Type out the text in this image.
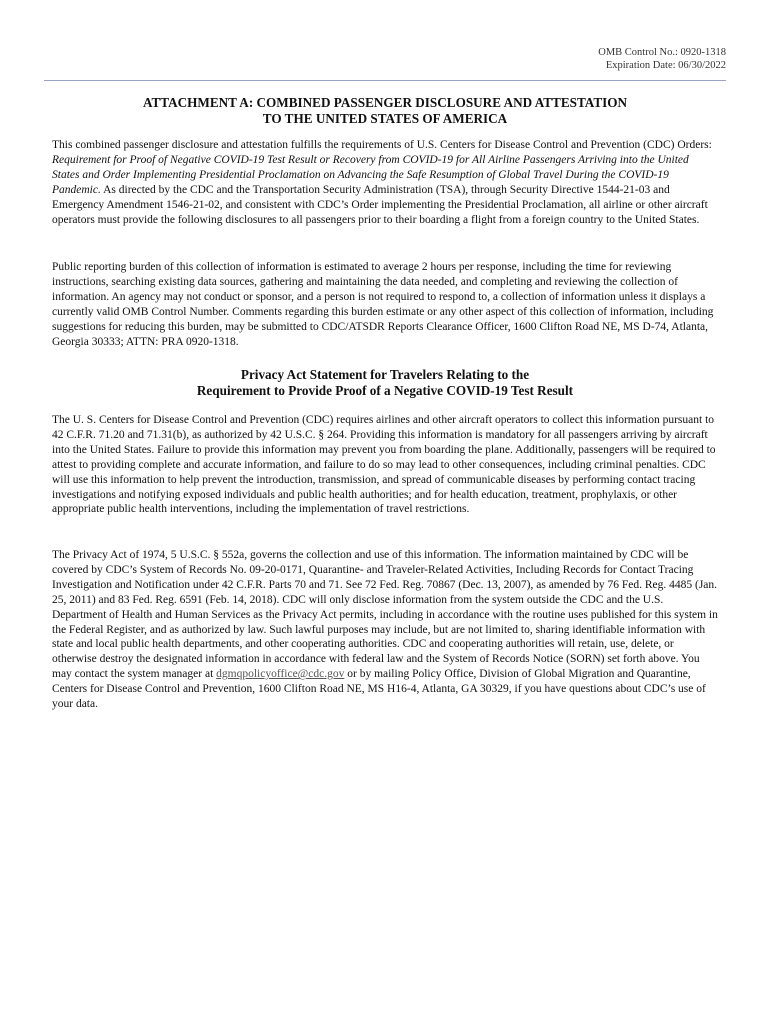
OMB Control No.: 0920-1318
Expiration Date: 06/30/2022
ATTACHMENT A: COMBINED PASSENGER DISCLOSURE AND ATTESTATION
TO THE UNITED STATES OF AMERICA
This combined passenger disclosure and attestation fulfills the requirements of U.S. Centers for Disease Control and Prevention (CDC) Orders: Requirement for Proof of Negative COVID-19 Test Result or Recovery from COVID-19 for All Airline Passengers Arriving into the United States and Order Implementing Presidential Proclamation on Advancing the Safe Resumption of Global Travel During the COVID-19 Pandemic. As directed by the CDC and the Transportation Security Administration (TSA), through Security Directive 1544-21-03 and Emergency Amendment 1546-21-02, and consistent with CDC’s Order implementing the Presidential Proclamation, all airline or other aircraft operators must provide the following disclosures to all passengers prior to their boarding a flight from a foreign country to the United States.
Public reporting burden of this collection of information is estimated to average 2 hours per response, including the time for reviewing instructions, searching existing data sources, gathering and maintaining the data needed, and completing and reviewing the collection of information. An agency may not conduct or sponsor, and a person is not required to respond to, a collection of information unless it displays a currently valid OMB Control Number. Comments regarding this burden estimate or any other aspect of this collection of information, including suggestions for reducing this burden, may be submitted to CDC/ATSDR Reports Clearance Officer, 1600 Clifton Road NE, MS D-74, Atlanta, Georgia 30333; ATTN: PRA 0920-1318.
Privacy Act Statement for Travelers Relating to the
Requirement to Provide Proof of a Negative COVID-19 Test Result
The U. S. Centers for Disease Control and Prevention (CDC) requires airlines and other aircraft operators to collect this information pursuant to 42 C.F.R. 71.20 and 71.31(b), as authorized by 42 U.S.C. § 264. Providing this information is mandatory for all passengers arriving by aircraft into the United States. Failure to provide this information may prevent you from boarding the plane. Additionally, passengers will be required to attest to providing complete and accurate information, and failure to do so may lead to other consequences, including criminal penalties. CDC will use this information to help prevent the introduction, transmission, and spread of communicable diseases by performing contact tracing investigations and notifying exposed individuals and public health authorities; and for health education, treatment, prophylaxis, or other appropriate public health interventions, including the implementation of travel restrictions.
The Privacy Act of 1974, 5 U.S.C. § 552a, governs the collection and use of this information. The information maintained by CDC will be covered by CDC’s System of Records No. 09-20-0171, Quarantine- and Traveler-Related Activities, Including Records for Contact Tracing Investigation and Notification under 42 C.F.R. Parts 70 and 71. See 72 Fed. Reg. 70867 (Dec. 13, 2007), as amended by 76 Fed. Reg. 4485 (Jan. 25, 2011) and 83 Fed. Reg. 6591 (Feb. 14, 2018). CDC will only disclose information from the system outside the CDC and the U.S. Department of Health and Human Services as the Privacy Act permits, including in accordance with the routine uses published for this system in the Federal Register, and as authorized by law. Such lawful purposes may include, but are not limited to, sharing identifiable information with state and local public health departments, and other cooperating authorities. CDC and cooperating authorities will retain, use, delete, or otherwise destroy the designated information in accordance with federal law and the System of Records Notice (SORN) set forth above. You may contact the system manager at dgmqpolicyoffice@cdc.gov or by mailing Policy Office, Division of Global Migration and Quarantine, Centers for Disease Control and Prevention, 1600 Clifton Road NE, MS H16-4, Atlanta, GA 30329, if you have questions about CDC’s use of your data.
